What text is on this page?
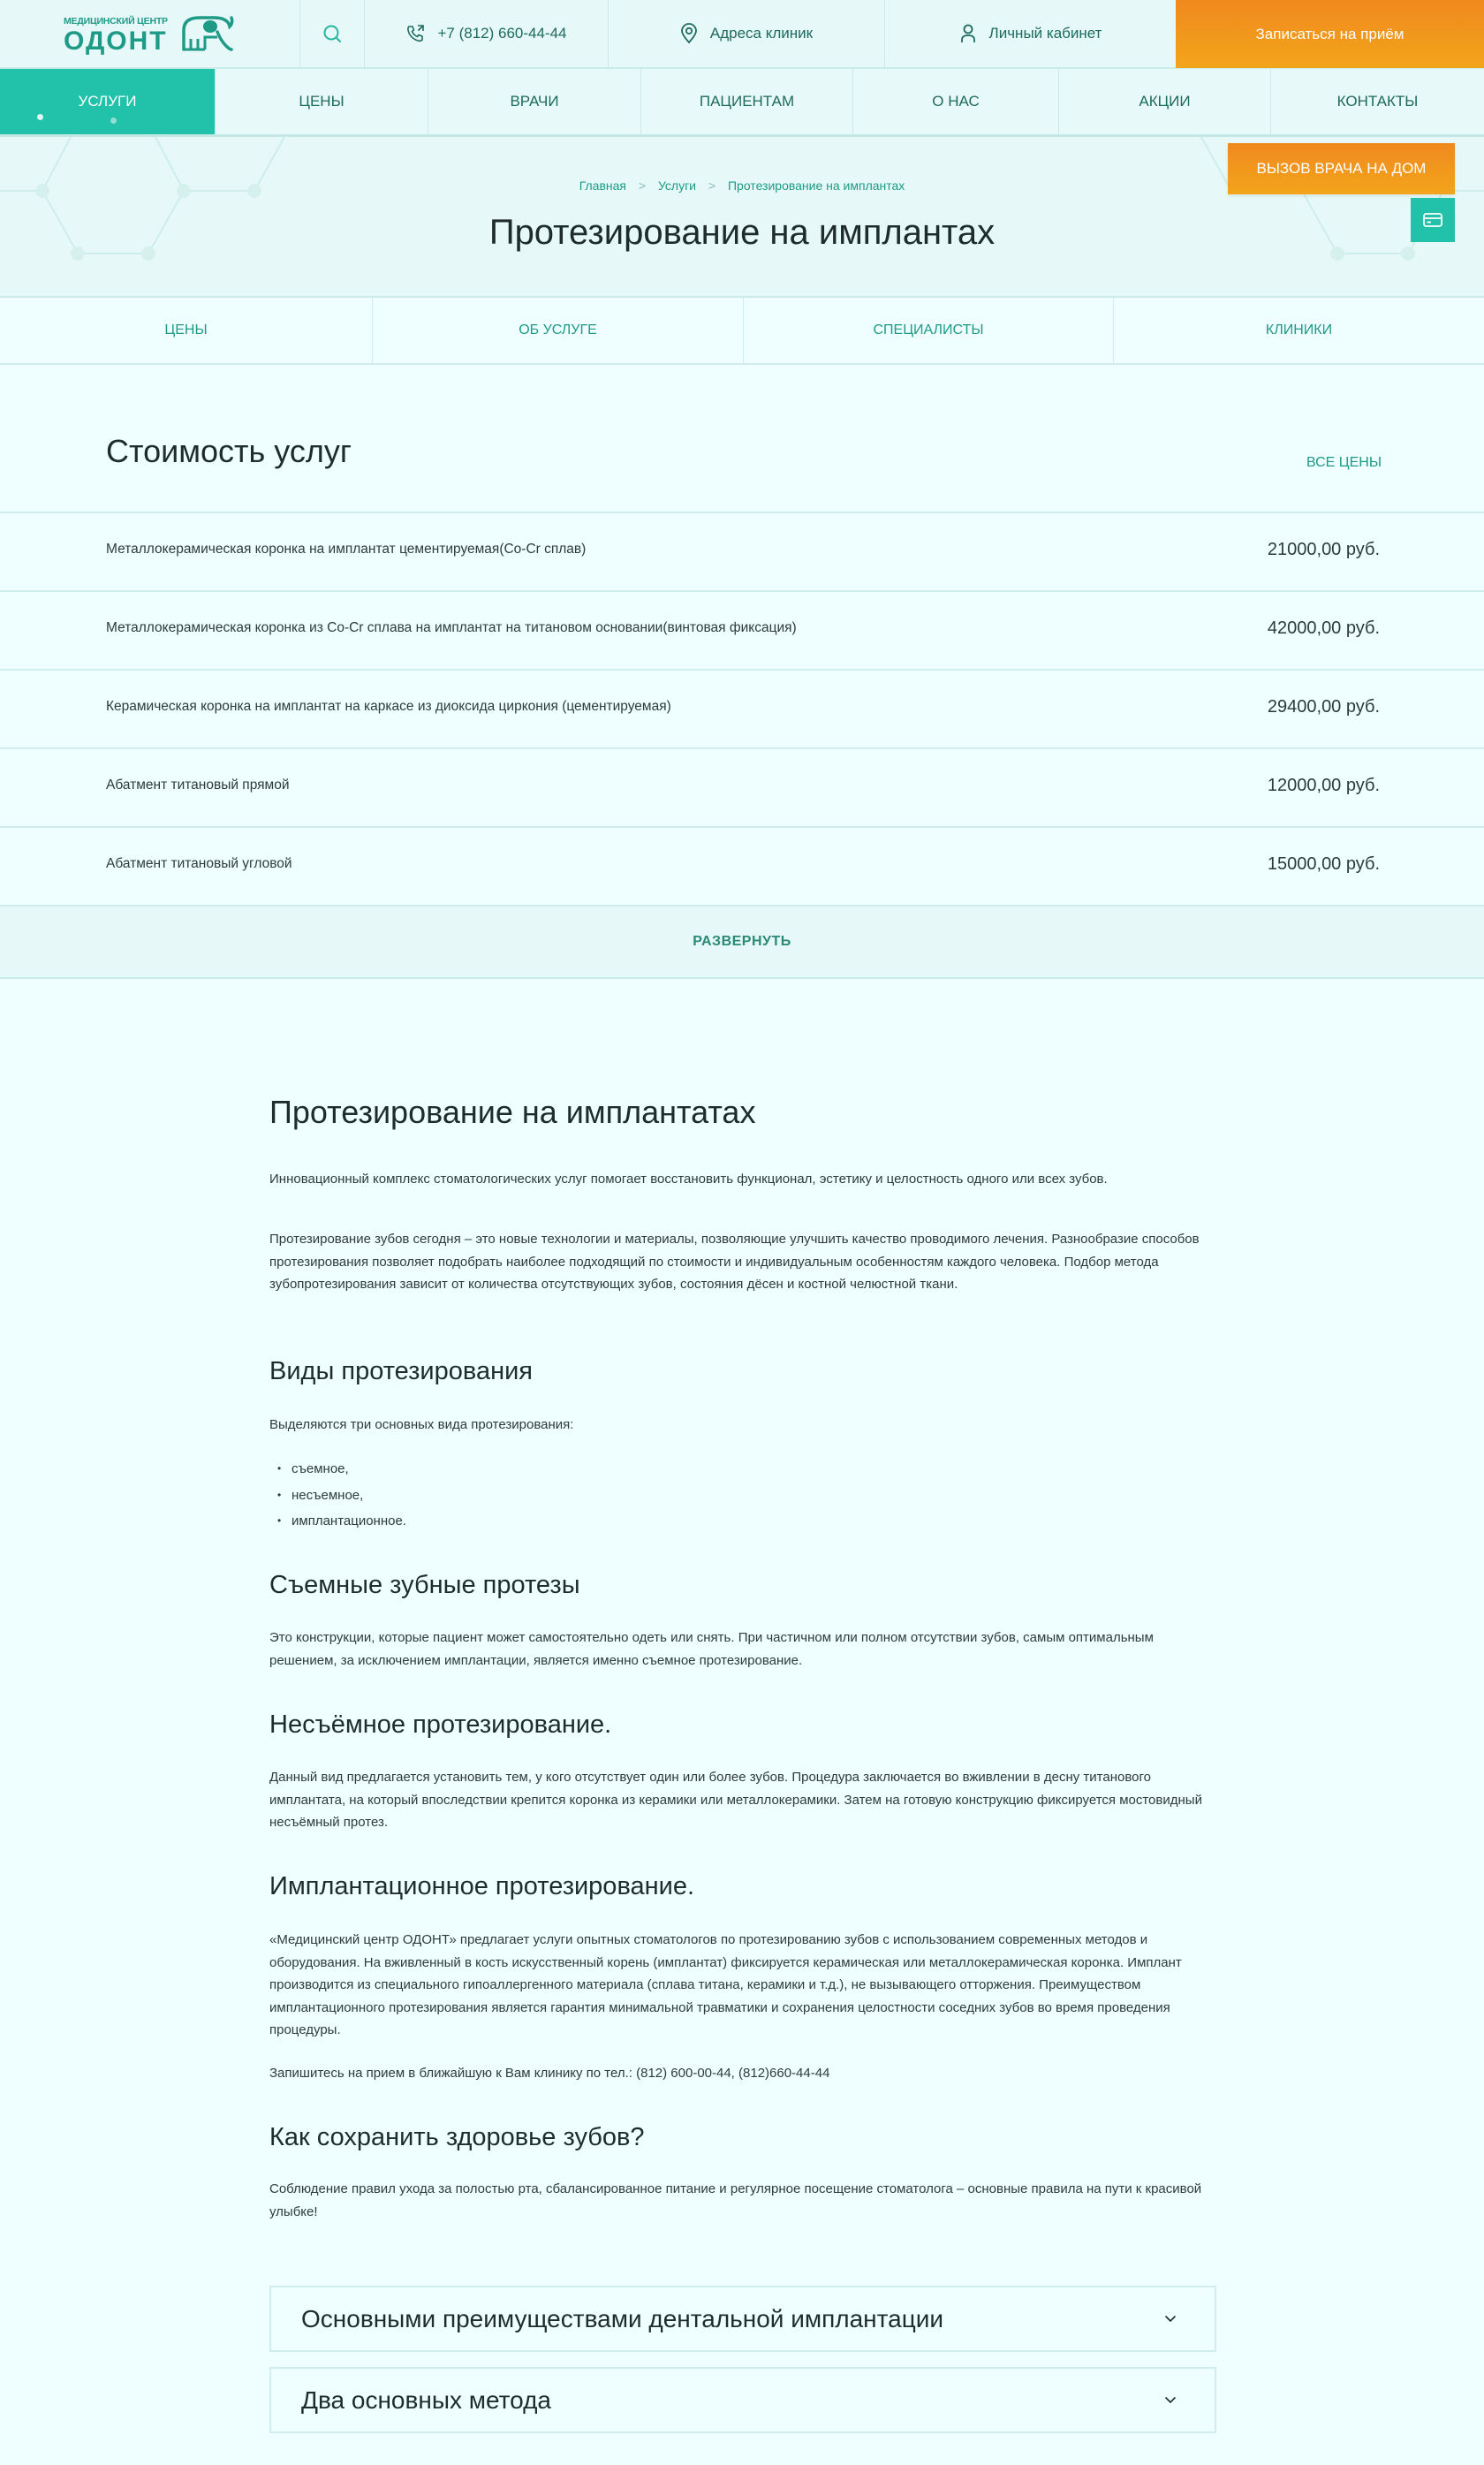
МЕДИЦИНСКИЙ ЦЕНТР
ОДОНТ	+7 (812) 660-44-44	Адреса клиник	Личный кабинет	Записаться на приём
УСЛУГИ	ЦЕНЫ	ВРАЧИ	ПАЦИЕНТАМ	О НАС	АКЦИИ	КОНТАКТЫ
Главная > Услуги > Протезирование на имплантах
Протезирование на имплантах
ВЫЗОВ ВРАЧА НА ДОМ
ЦЕНЫ	ОБ УСЛУГЕ	СПЕЦИАЛИСТЫ	КЛИНИКИ
Стоимость услуг	ВСЕ ЦЕНЫ
Металлокерамическая коронка на имплантат цементируемая(Co-Cr сплав)	21000,00 руб.
Металлокерамическая коронка из Co-Cr сплава на имплантат на титановом основании(винтовая фиксация)	42000,00 руб.
Керамическая коронка на имплантат на каркасе из диоксида циркония (цементируемая)	29400,00 руб.
Абатмент титановый прямой	12000,00 руб.
Абатмент титановый угловой	15000,00 руб.
РАЗВЕРНУТЬ
Протезирование на имплантатах

Инновационный комплекс стоматологических услуг помогает восстановить функционал, эстетику и целостность одного или всех зубов.

Протезирование зубов сегодня – это новые технологии и материалы, позволяющие улучшить качество проводимого лечения. Разнообразие способов протезирования позволяет подобрать наиболее подходящий по стоимости и индивидуальным особенностям каждого человека. Подбор метода зубопротезирования зависит от количества отсутствующих зубов, состояния дёсен и костной челюстной ткани.

Виды протезирования

Выделяются три основных вида протезирования:

• съемное,
• несъемное,
• имплантационное.
Съемные зубные протезы

Это конструкции, которые пациент может самостоятельно одеть или снять. При частичном или полном отсутствии зубов, самым оптимальным решением, за исключением имплантации, является именно съемное протезирование.

Несъёмное протезирование.

Данный вид предлагается установить тем, у кого отсутствует один или более зубов. Процедура заключается во вживлении в десну титанового имплантата, на который впоследствии крепится коронка из керамики или металлокерамики. Затем на готовую конструкцию фиксируется мостовидный несъёмный протез.

Имплантационное протезирование.

«Медицинский центр ОДОНТ» предлагает услуги опытных стоматологов по протезированию зубов с использованием современных методов и оборудования. На вживленный в кость искусственный корень (имплантат) фиксируется керамическая или металлокерамическая коронка. Имплант производится из специального гипоаллергенного материала (сплава титана, керамики и т.д.), не вызывающего отторжения. Преимуществом имплантационного протезирования является гарантия минимальной травматики и сохранения целостности соседних зубов во время проведения процедуры.

Запишитесь на прием в ближайшую к Вам клинику по тел.: (812) 600-00-44, (812)660-44-44

Как сохранить здоровье зубов?

Соблюдение правил ухода за полостью рта, сбалансированное питание и регулярное посещение стоматолога – основные правила на пути к красивой улыбке!

Основными преимуществами дентальной имплантации
Два основных метода
